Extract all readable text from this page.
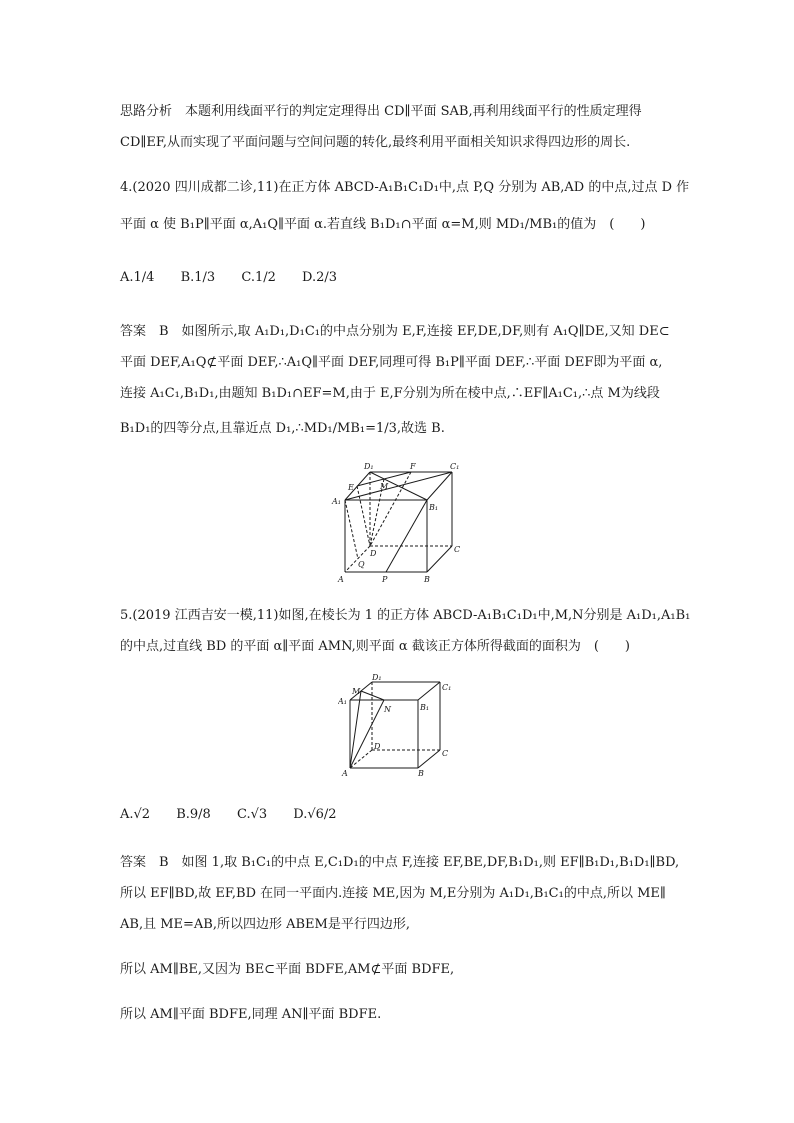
思路分析　本题利用线面平行的判定定理得出 CD∥平面 SAB,再利用线面平行的性质定理得
CD∥EF,从而实现了平面问题与空间问题的转化,最终利用平面相关知识求得四边形的周长.
4.(2020 四川成都二诊,11)在正方体 ABCD-A₁B₁C₁D₁中,点 P,Q 分别为 AB,AD 的中点,过点 D 作
平面 α 使 B₁P∥平面 α,A₁Q∥平面 α.若直线 B₁D₁∩平面 α=M,则 MD₁/MB₁的值为　(　　)
A.1/4 B.1/3 C.1/2 D.2/3
答案　B　如图所示,取 A₁D₁,D₁C₁的中点分别为 E,F,连接 EF,DE,DF,则有 A₁Q∥DE,又知 DE⊂
平面 DEF,A₁Q⊄平面 DEF,∴A₁Q∥平面 DEF,同理可得 B₁P∥平面 DEF,∴平面 DEF即为平面 α,
连接 A₁C₁,B₁D₁,由题知 B₁D₁∩EF=M,由于 E,F分别为所在棱中点,∴EF∥A₁C₁,∴点 M为线段
B₁D₁的四等分点,且靠近点 D₁,∴MD₁/MB₁=1/3,故选 B.
A	B
C
D
P
Q
A₁
B₁
C₁
D₁
E
F
M
5.(2019 江西吉安一模,11)如图,在棱长为 1 的正方体 ABCD-A₁B₁C₁D₁中,M,N分别是 A₁D₁,A₁B₁
的中点,过直线 BD 的平面 α∥平面 AMN,则平面 α 截该正方体所得截面的面积为　(　　)
A	B
C
D
A₁
B₁
C₁
D₁
M
N
A.√2 B.9/8 C.√3 D.√6/2
答案　B　如图 1,取 B₁C₁的中点 E,C₁D₁的中点 F,连接 EF,BE,DF,B₁D₁,则 EF∥B₁D₁,B₁D₁∥BD,
所以 EF∥BD,故 EF,BD 在同一平面内.连接 ME,因为 M,E分别为 A₁D₁,B₁C₁的中点,所以 ME∥
AB,且 ME=AB,所以四边形 ABEM是平行四边形,
所以 AM∥BE,又因为 BE⊂平面 BDFE,AM⊄平面 BDFE,
所以 AM∥平面 BDFE,同理 AN∥平面 BDFE.
